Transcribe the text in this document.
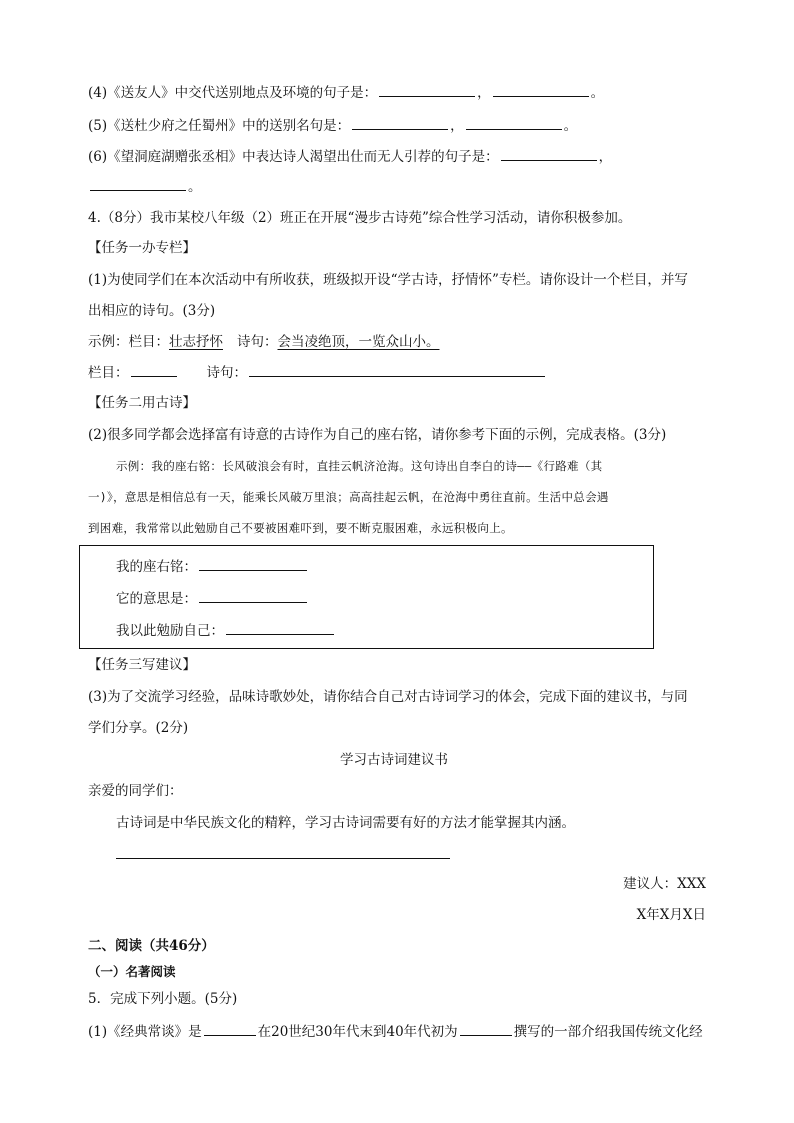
(4)《送友人》中交代送别地点及环境的句子是：	，	。
(5)《送杜少府之任蜀州》中的送别名句是：	，	。
(6)《望洞庭湖赠张丞相》中表达诗人渴望出仕而无人引荐的句子是：	，
。
4.（8分）我市某校八年级（2）班正在开展“漫步古诗苑”综合性学习活动，请你积极参加。
【任务一办专栏】
(1)为使同学们在本次活动中有所收获，班级拟开设“学古诗，抒情怀”专栏。请你设计一个栏目，并写
出相应的诗句。(3分)
示例：栏目：壮志抒怀 诗句：会当凌绝顶，一览众山小。
栏目：	诗句：
【任务二用古诗】
(2)很多同学都会选择富有诗意的古诗作为自己的座右铭，请你参考下面的示例，完成表格。(3分)
示例：我的座右铭：长风破浪会有时，直挂云帆济沧海。这句诗出自李白的诗——《行路难（其
一)》，意思是相信总有一天，能乘长风破万里浪；高高挂起云帆，在沧海中勇往直前。生活中总会遇
到困难，我常常以此勉励自己不要被困难吓到，要不断克服困难，永远积极向上。
我的座右铭：
它的意思是：
我以此勉励自己：
【任务三写建议】
(3)为了交流学习经验，品味诗歌妙处，请你结合自己对古诗词学习的体会，完成下面的建议书，与同
学们分享。(2分)
学习古诗词建议书
亲爱的同学们：
古诗词是中华民族文化的精粹，学习古诗词需要有好的方法才能掌握其内涵。
建议人：XXX
X年X月X日
二、阅读（共46分）
（一）名著阅读
5．完成下列小题。(5分)
(1)《经典常谈》是	在20世纪30年代末到40年代初为	撰写的一部介绍我国传统文化经
